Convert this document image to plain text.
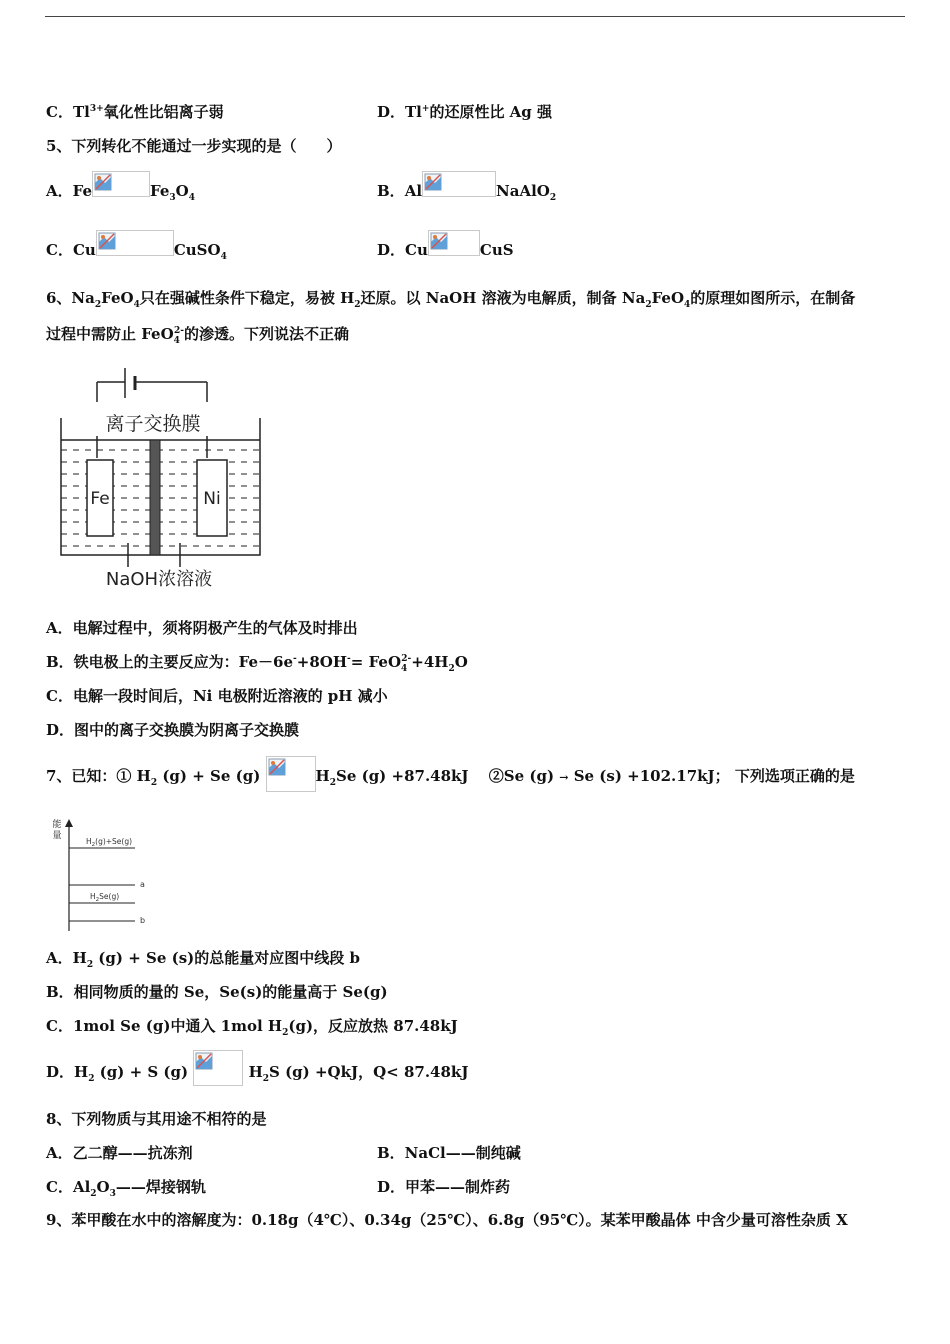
C．$Tl^{3+}$氧化性比铝离子弱	D．Tl+的还原性比 Ag 强
5、下列转化不能通过一步实现的是（　　）
A．Fe	$Fe_3O_4$	B．Al	NaAlO$_2$
C．Cu	CuSO$_4$	D．Cu	CuS
6、$Na_2FeO_4$只在强碱性条件下稳定，易被 $H_2$还原。以 NaOH 溶液为电解质，制备 $Na_2FeO_4$的原理如图所示，在制备
过程中需防止 FeO$_4^{2-}$的渗透。下列说法不正确
离子交换膜
Fe	Ni
NaOH浓溶液
A．电解过程中，须将阴极产生的气体及时排出
B．铁电极上的主要反应为：$Fe-6e^-+8OH^-= FeO_4^{2-}+4H_2O$
C．电解一段时间后，Ni 电极附近溶液的 pH 减小
D．图中的离子交换膜为阴离子交换膜
7、已知：① $H_2$ (g) + Se (g)	$H_2Se$ (g) +87.48kJ　 ②Se (g) → Se (s) +102.17kJ； 下列选项正确的是
能
量
$H_2(g)+Se(g)$
a
$H_2Se(g)$
b
A．$H_2$ (g) + Se (s)的总能量对应图中线段 b
B．相同物质的量的 Se，Se(s)的能量高于 Se(g)
C．1mol Se (g)中通入 1mol $H_2(g)$，反应放热 87.48kJ
D．$H_2$ (g) + S (g)	$H_2S$ (g) +QkJ，Q< 87.48kJ
8、下列物质与其用途不相符的是
A．乙二醇——抗冻剂	B．NaCl——制纯碱
C．$Al_2O_3——$焊接钢轨	D．甲苯——制炸药
9、苯甲酸在水中的溶解度为：0.18g（4℃）、0.34g（25℃）、6.8g（95℃）。某苯甲酸晶体 中含少量可溶性杂质 X
